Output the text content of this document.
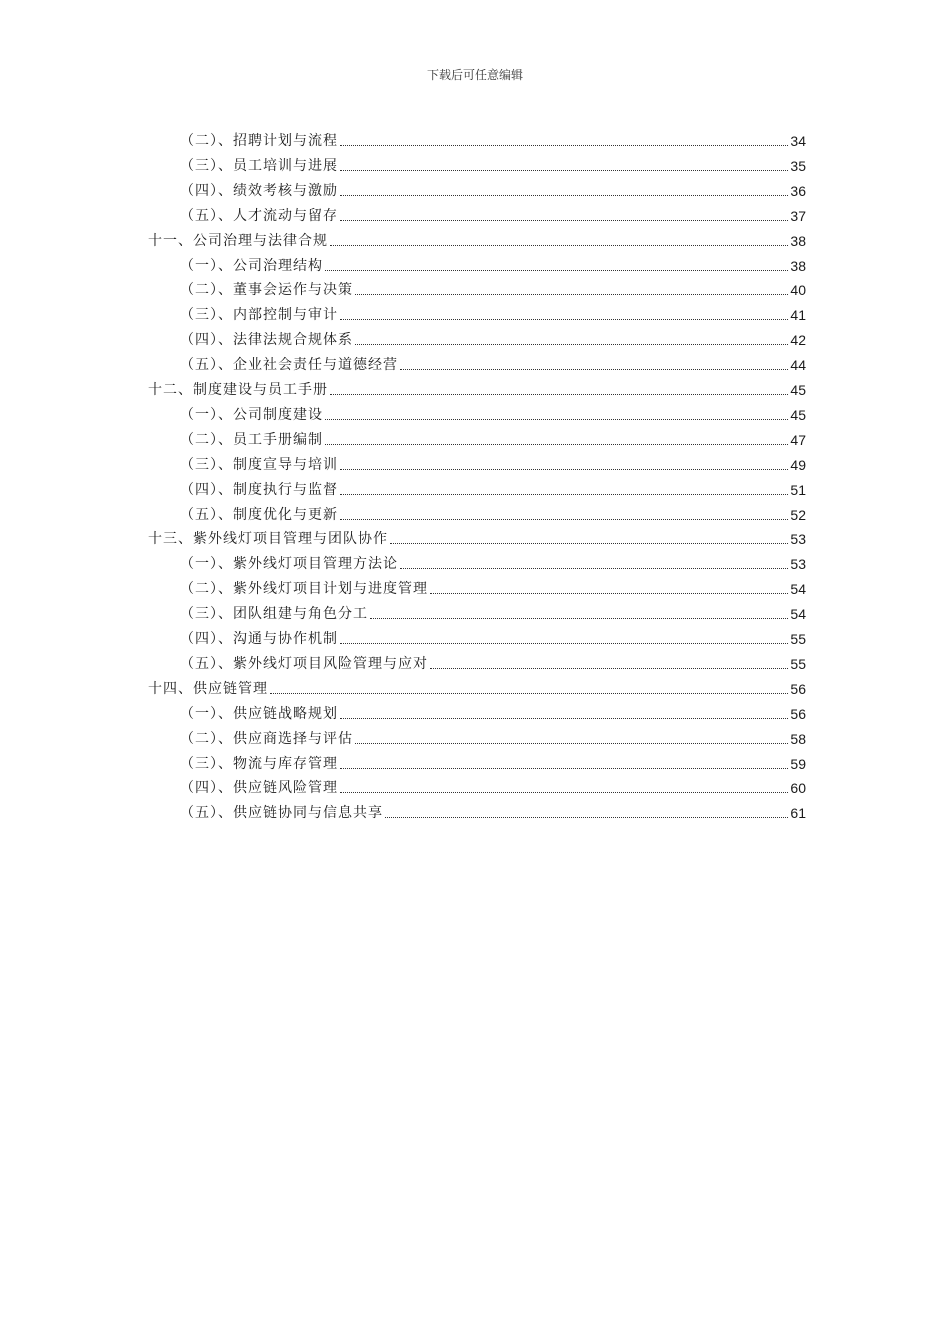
下载后可任意编辑
（二）、招聘计划与流程	34
（三）、员工培训与进展	35
（四）、绩效考核与激励	36
（五）、人才流动与留存	37
十一、公司治理与法律合规	38
（一）、公司治理结构	38
（二）、董事会运作与决策	40
（三）、内部控制与审计	41
（四）、法律法规合规体系	42
（五）、企业社会责任与道德经营	44
十二、制度建设与员工手册	45
（一）、公司制度建设	45
（二）、员工手册编制	47
（三）、制度宣导与培训	49
（四）、制度执行与监督	51
（五）、制度优化与更新	52
十三、紫外线灯项目管理与团队协作	53
（一）、紫外线灯项目管理方法论	53
（二）、紫外线灯项目计划与进度管理	54
（三）、团队组建与角色分工	54
（四）、沟通与协作机制	55
（五）、紫外线灯项目风险管理与应对	55
十四、供应链管理	56
（一）、供应链战略规划	56
（二）、供应商选择与评估	58
（三）、物流与库存管理	59
（四）、供应链风险管理	60
（五）、供应链协同与信息共享	61
